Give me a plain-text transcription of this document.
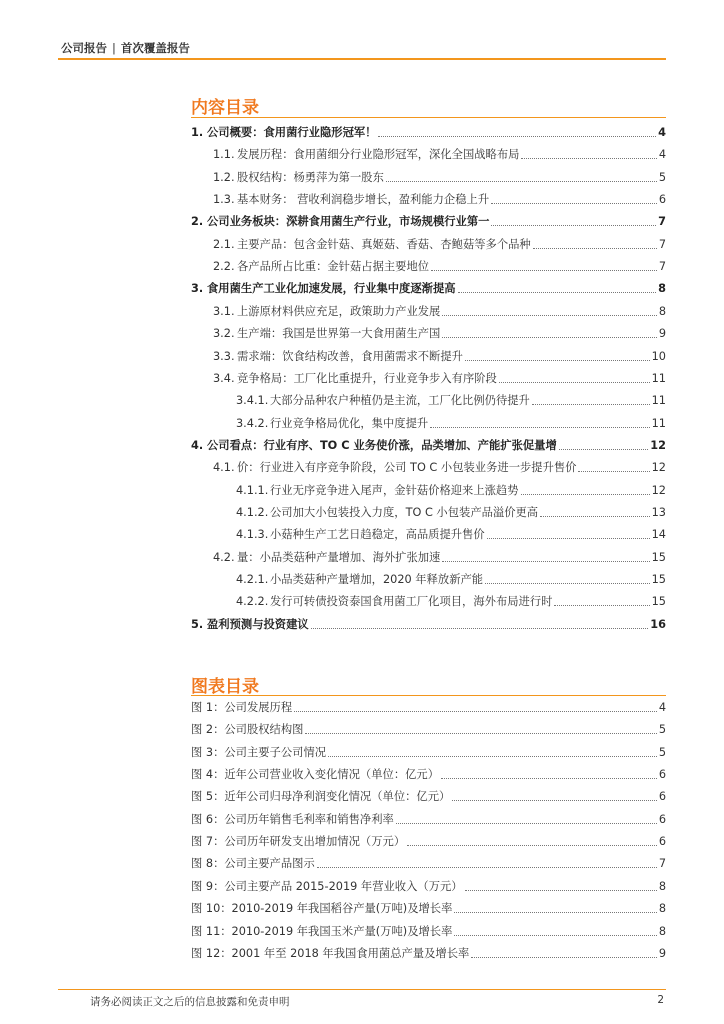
公司报告 | 首次覆盖报告
内容目录
1. 公司概要：食用菌行业隐形冠军！	4
1.1. 发展历程：食用菌细分行业隐形冠军，深化全国战略布局	4
1.2. 股权结构：杨勇萍为第一股东	5
1.3. 基本财务： 营收利润稳步增长，盈利能力企稳上升	6
2. 公司业务板块：深耕食用菌生产行业，市场规模行业第一	7
2.1. 主要产品：包含金针菇、真姬菇、香菇、杏鲍菇等多个品种	7
2.2. 各产品所占比重：金针菇占据主要地位	7
3. 食用菌生产工业化加速发展，行业集中度逐渐提高	8
3.1. 上游原材料供应充足，政策助力产业发展	8
3.2. 生产端：我国是世界第一大食用菌生产国	9
3.3. 需求端：饮食结构改善，食用菌需求不断提升	10
3.4. 竞争格局：工厂化比重提升，行业竞争步入有序阶段	11
3.4.1. 大部分品种农户种植仍是主流，工厂化比例仍待提升	11
3.4.2. 行业竞争格局优化，集中度提升	11
4. 公司看点：行业有序、TO C 业务使价涨，品类增加、产能扩张促量增	12
4.1. 价：行业进入有序竞争阶段，公司 TO C 小包装业务进一步提升售价	12
4.1.1. 行业无序竞争进入尾声，金针菇价格迎来上涨趋势	12
4.1.2. 公司加大小包装投入力度，TO C 小包装产品溢价更高	13
4.1.3. 小菇种生产工艺日趋稳定，高品质提升售价	14
4.2. 量：小品类菇种产量增加、海外扩张加速	15
4.2.1. 小品类菇种产量增加，2020 年释放新产能	15
4.2.2. 发行可转债投资泰国食用菌工厂化项目，海外布局进行时	15
5. 盈利预测与投资建议	16
图表目录
图 1：公司发展历程	4
图 2：公司股权结构图	5
图 3：公司主要子公司情况	5
图 4：近年公司营业收入变化情况（单位：亿元）	6
图 5：近年公司归母净利润变化情况（单位：亿元）	6
图 6：公司历年销售毛利率和销售净利率	6
图 7：公司历年研发支出增加情况（万元）	6
图 8：公司主要产品图示	7
图 9：公司主要产品 2015-2019 年营业收入（万元）	8
图 10：2010-2019 年我国稻谷产量(万吨)及增长率	8
图 11：2010-2019 年我国玉米产量(万吨)及增长率	8
图 12：2001 年至 2018 年我国食用菌总产量及增长率	9
请务必阅读正文之后的信息披露和免责申明	2
